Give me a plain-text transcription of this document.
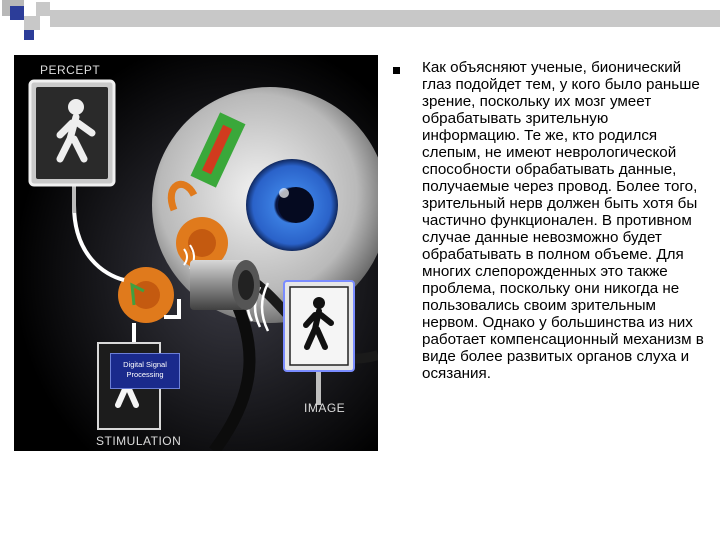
PERCEPT
Digital Signal Processing
IMAGE
STIMULATION

Как объясняют ученые, бионический глаз подойдет тем, у кого было раньше зрение, поскольку их мозг умеет обрабатывать зрительную информацию. Те же, кто родился слепым, не имеют неврологической способности обрабатывать данные, получаемые через провод. Более того, зрительный нерв должен быть хотя бы частично функционален. В противном случае данные невозможно будет обрабатывать в полном объеме. Для многих слепорожденных это также проблема, поскольку они никогда не пользовались своим зрительным нервом. Однако у большинства из них работает компенсационный механизм в виде более развитых органов слуха и осязания.
